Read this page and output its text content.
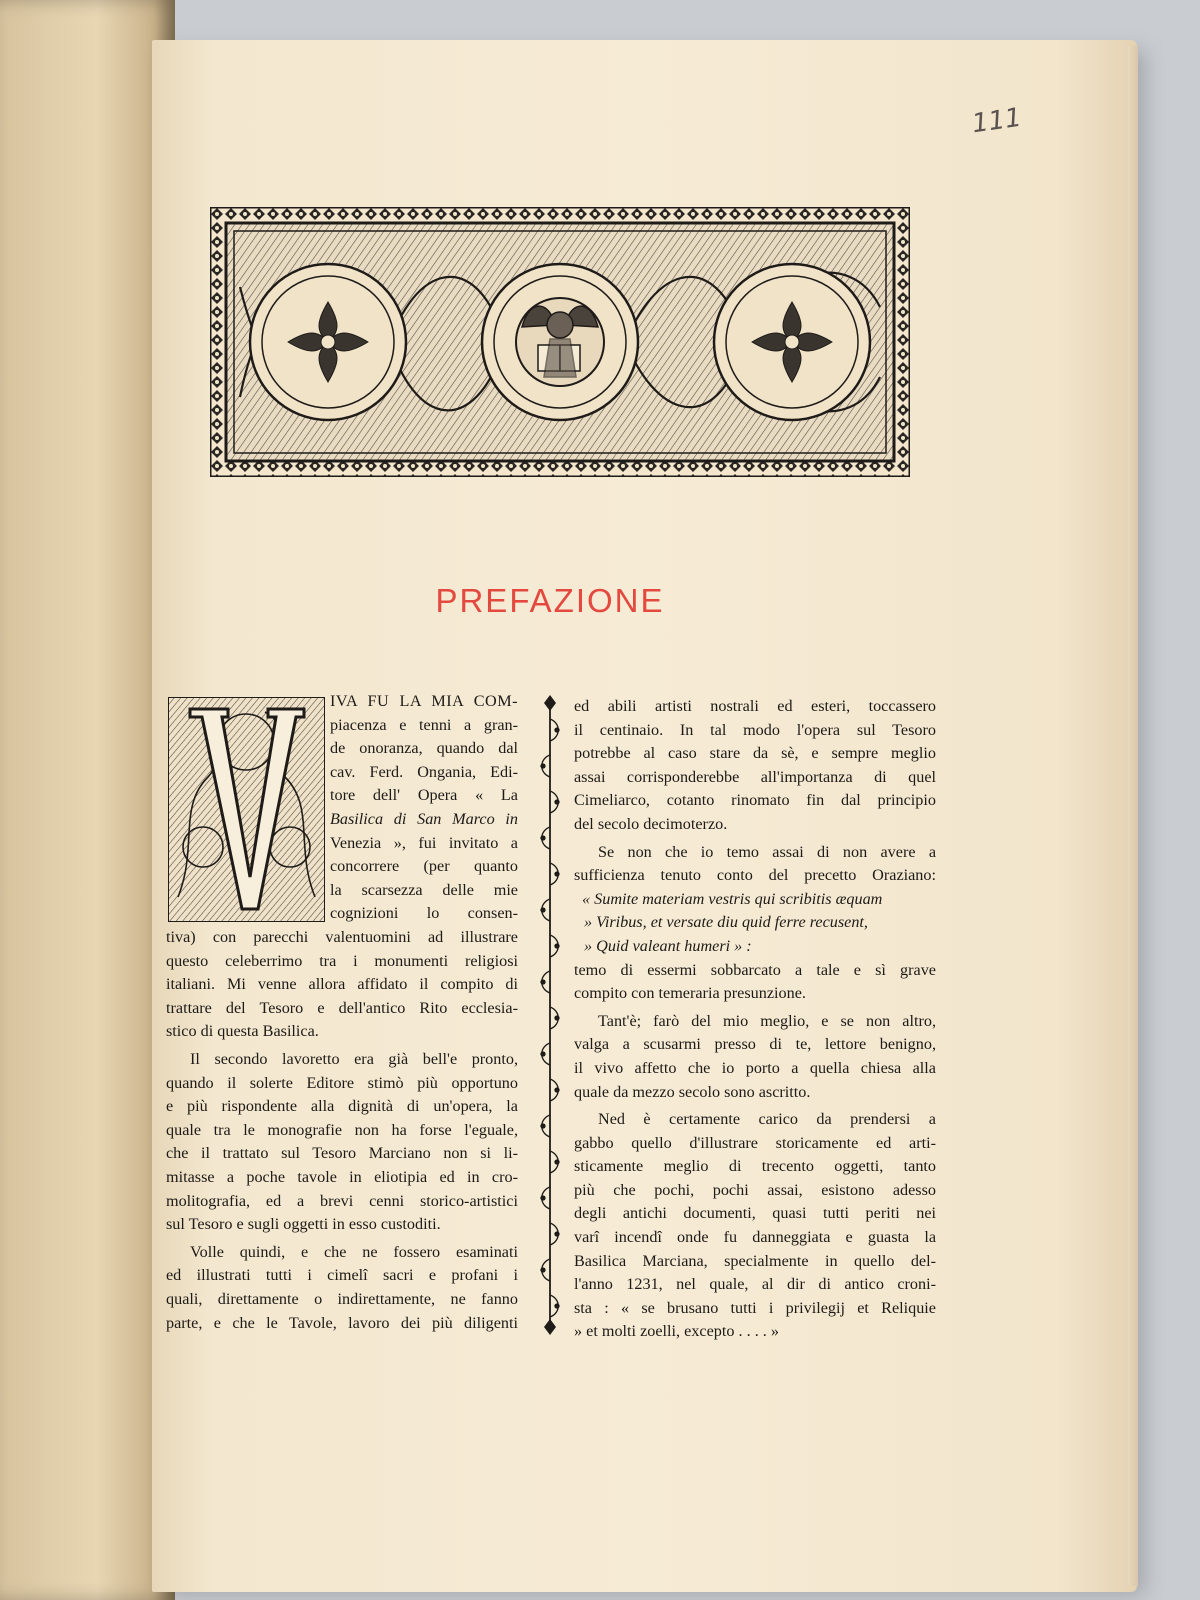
111
PREFAZIONE

IVA FU LA MIA COM-

piacenza e tenni a gran-

de onoranza, quando dal

cav. Ferd. Ongania, Edi-

tore dell' Opera « La

Basilica di San Marco in

Venezia », fui invitato a

concorrere (per quanto

la scarsezza delle mie

cognizioni lo consen-

tiva) con parecchi valentuomini ad illustrare

questo celeberrimo tra i monumenti religiosi

italiani. Mi venne allora affidato il compito di

trattare del Tesoro e dell'antico Rito ecclesia-

stico di questa Basilica.

Il secondo lavoretto era già bell'e pronto,

quando il solerte Editore stimò più opportuno

e più rispondente alla dignità di un'opera, la

quale tra le monografie non ha forse l'eguale,

che il trattato sul Tesoro Marciano non si li-

mitasse a poche tavole in eliotipia ed in cro-

molitografia, ed a brevi cenni storico-artistici

sul Tesoro e sugli oggetti in esso custoditi.

Volle quindi, e che ne fossero esaminati

ed illustrati tutti i cimelî sacri e profani i

quali, direttamente o indirettamente, ne fanno

parte, e che le Tavole, lavoro dei più diligenti

ed abili artisti nostrali ed esteri, toccassero

il centinaio. In tal modo l'opera sul Tesoro

potrebbe al caso stare da sè, e sempre meglio

assai corrisponderebbe all'importanza di quel

Cimeliarco, cotanto rinomato fin dal principio

del secolo decimoterzo.

Se non che io temo assai di non avere a

sufficienza tenuto conto del precetto Oraziano:

« Sumite materiam vestris qui scribitis æquam

» Viribus, et versate diu quid ferre recusent,

» Quid valeant humeri » :

temo di essermi sobbarcato a tale e sì grave

compito con temeraria presunzione.

Tant'è; farò del mio meglio, e se non altro,

valga a scusarmi presso di te, lettore benigno,

il vivo affetto che io porto a quella chiesa alla

quale da mezzo secolo sono ascritto.

Ned è certamente carico da prendersi a

gabbo quello d'illustrare storicamente ed arti-

sticamente meglio di trecento oggetti, tanto

più che pochi, pochi assai, esistono adesso

degli antichi documenti, quasi tutti periti nei

varî incendî onde fu danneggiata e guasta la

Basilica Marciana, specialmente in quello del-

l'anno 1231, nel quale, al dir di antico croni-

sta : « se brusano tutti i privilegij et Reliquie

» et molti zoelli, excepto . . . . »
